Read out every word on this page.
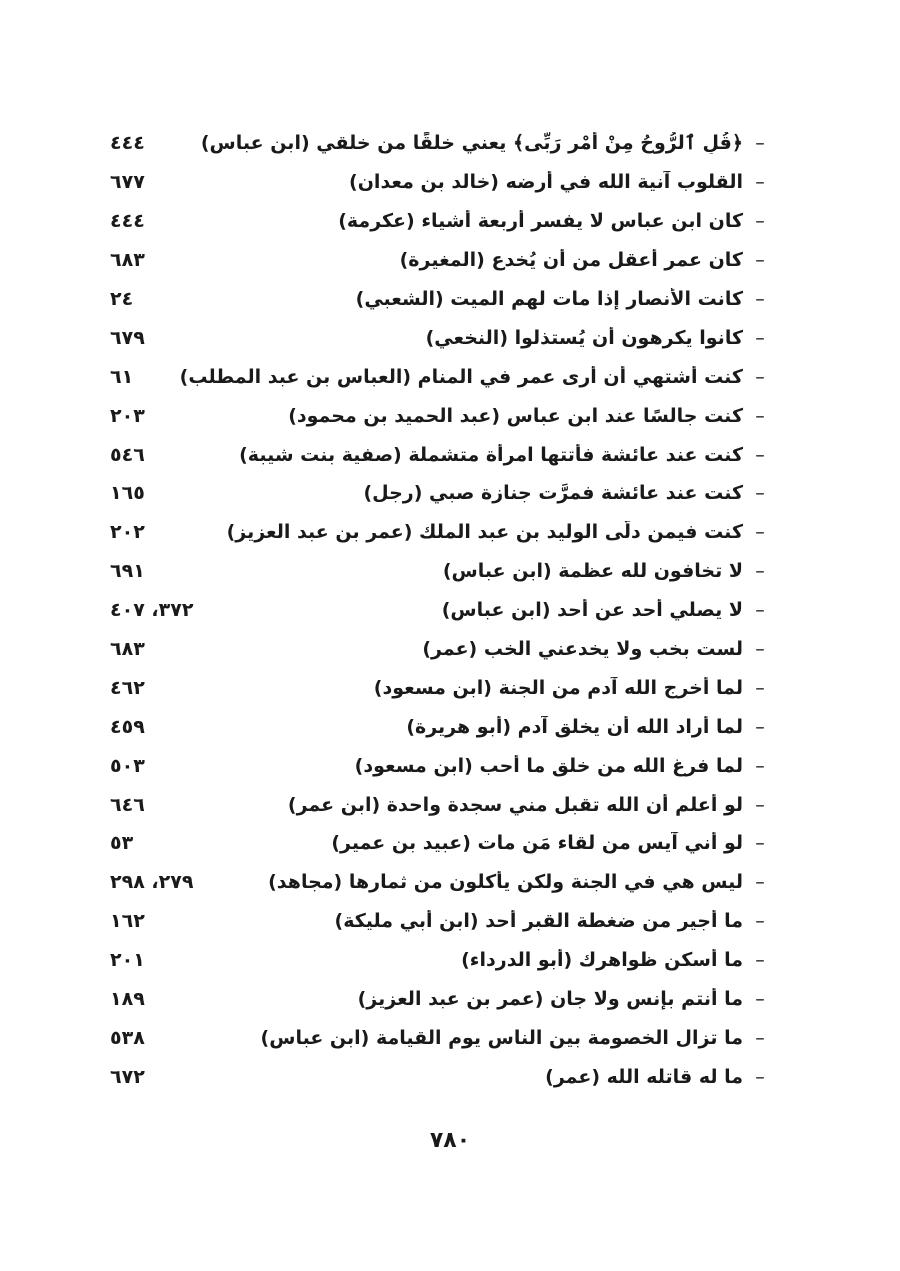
–
﴿قُلِ ٱلرُّوحُ مِنْ أَمْرِ رَبِّى﴾ يعني خلقًا من خلقي (ابن عباس)
٤٤٤
–
القلوب آنية الله في أرضه (خالد بن معدان)
٦٧٧
–
كان ابن عباس لا يفسر أربعة أشياء (عكرمة)
٤٤٤
–
كان عمر أعقل من أن يُخدع (المغيرة)
٦٨٣
–
كانت الأنصار إذا مات لهم الميت (الشعبي)
٢٤
–
كانوا يكرهون أن يُستذلوا (النخعي)
٦٧٩
–
كنت أشتهي أن أرى عمر في المنام (العباس بن عبد المطلب)
٦١
–
كنت جالسًا عند ابن عباس (عبد الحميد بن محمود)
٢٠٣
–
كنت عند عائشة فأتتها امرأة متشملة (صفية بنت شيبة)
٥٤٦
–
كنت عند عائشة فمرَّت جنازة صبي (رجل)
١٦٥
–
كنت فيمن دلَّى الوليد بن عبد الملك (عمر بن عبد العزيز)
٢٠٢
–
لا تخافون لله عظمة (ابن عباس)
٦٩١
–
لا يصلي أحد عن أحد (ابن عباس)
٣٧٢، ٤٠٧
–
لست بخب ولا يخدعني الخب (عمر)
٦٨٣
–
لما أخرج الله آدم من الجنة (ابن مسعود)
٤٦٢
–
لما أراد الله أن يخلق آدم (أبو هريرة)
٤٥٩
–
لما فرغ الله من خلق ما أحب (ابن مسعود)
٥٠٣
–
لو أعلم أن الله تقبل مني سجدة واحدة (ابن عمر)
٦٤٦
–
لو أني آيس من لقاء مَن مات (عبيد بن عمير)
٥٣
–
ليس هي في الجنة ولكن يأكلون من ثمارها (مجاهد)
٢٧٩، ٢٩٨
–
ما أجير من ضغطة القبر أحد (ابن أبي مليكة)
١٦٢
–
ما أسكن ظواهرك (أبو الدرداء)
٢٠١
–
ما أنتم بإنس ولا جان (عمر بن عبد العزيز)
١٨٩
–
ما تزال الخصومة بين الناس يوم القيامة (ابن عباس)
٥٣٨
–
ما له قاتله الله (عمر)
٦٧٢
٧٨٠
